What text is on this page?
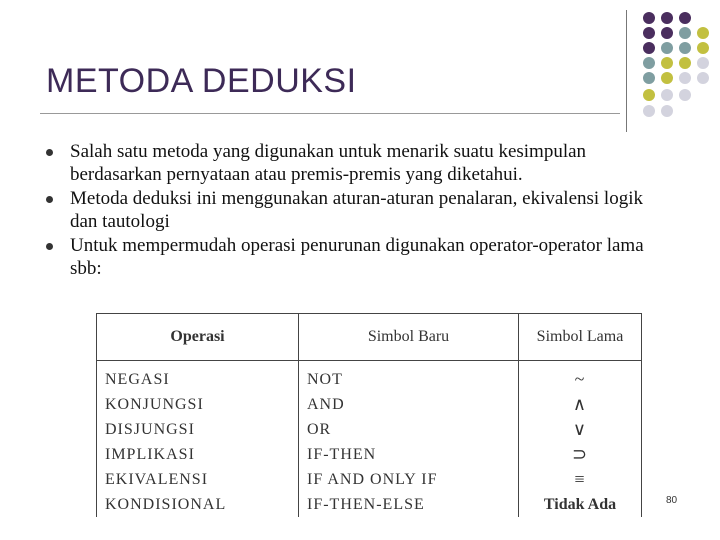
METODA DEDUKSI
Salah satu metoda yang digunakan untuk menarik suatu kesimpulan berdasarkan pernyataan atau premis-premis yang diketahui.
Metoda deduksi ini menggunakan aturan-aturan penalaran, ekivalensi logik dan tautologi
Untuk mempermudah operasi penurunan digunakan operator-operator lama sbb:
Operasi	Simbol Baru	Simbol Lama
NEGASI	NOT	~
KONJUNGSI	AND	∧
DISJUNGSI	OR	∨
IMPLIKASI	IF-THEN	⊃
EKIVALENSI	IF AND ONLY IF	≡
KONDISIONAL	IF-THEN-ELSE	Tidak Ada	80
